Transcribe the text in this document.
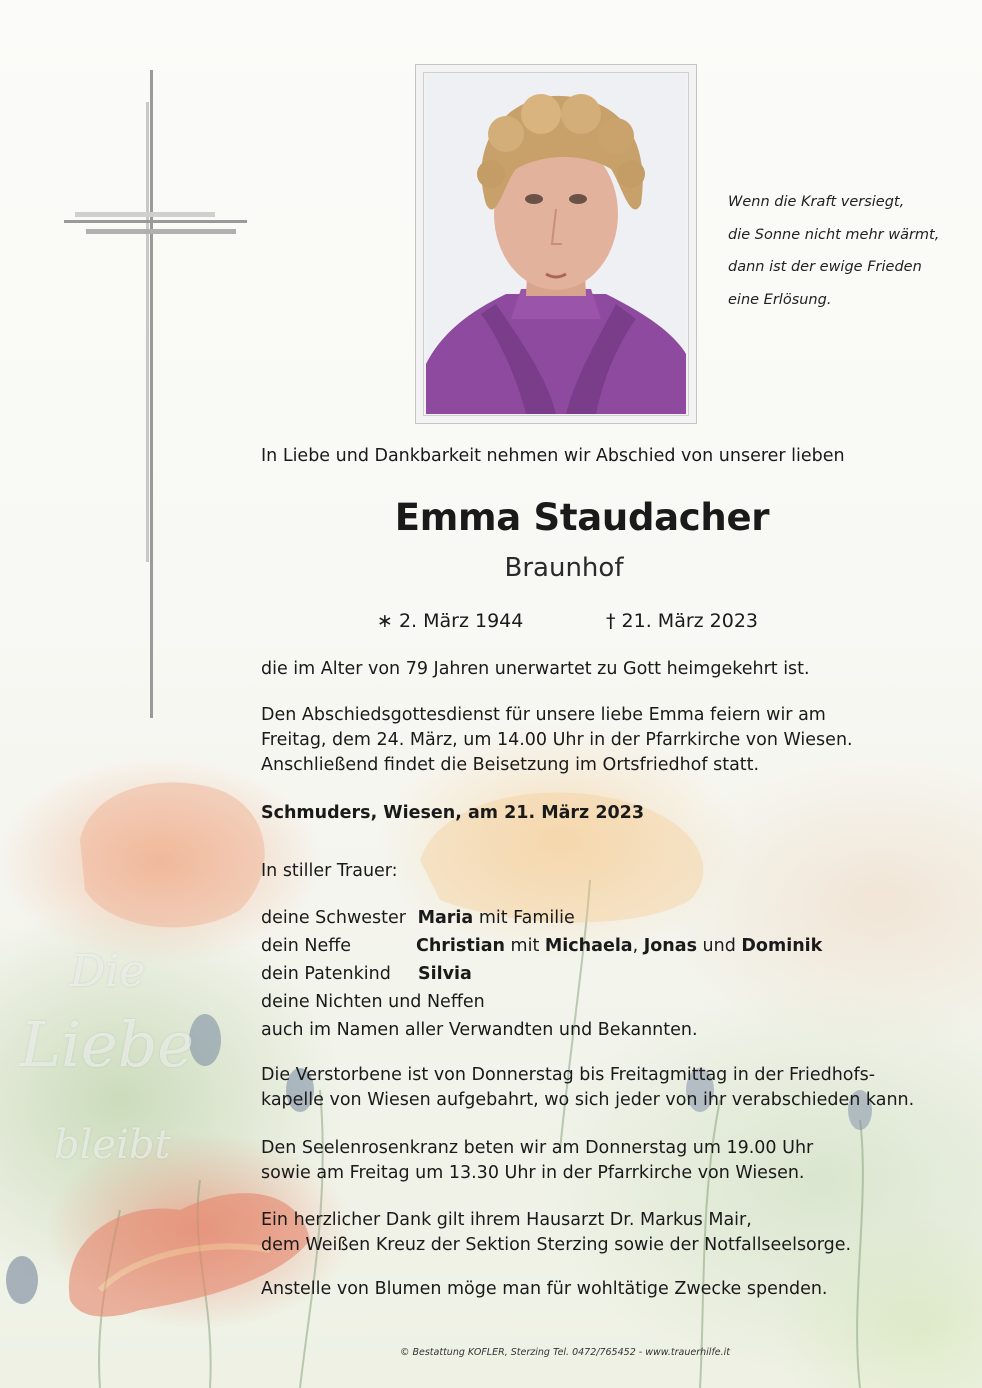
Die
Liebe
bleibt
Wenn die Kraft versiegt,
die Sonne nicht mehr wärmt,
dann ist der ewige Frieden
eine Erlösung.
In Liebe und Dankbarkeit nehmen wir Abschied von unserer lieben
Emma Staudacher
Braunhof
∗ 2. März 1944	† 21. März 2023
die im Alter von 79 Jahren unerwartet zu Gott heimgekehrt ist.
Den Abschiedsgottesdienst für unsere liebe Emma feiern wir am
Freitag, dem 24. März, um 14.00 Uhr in der Pfarrkirche von Wiesen.
Anschließend findet die Beisetzung im Ortsfriedhof statt.
Schmuders, Wiesen, am 21. März 2023
In stiller Trauer:
deine Schwester Maria mit Familie
dein Neffe	Christian mit Michaela, Jonas und Dominik
dein Patenkind Silvia
deine Nichten und Neffen
auch im Namen aller Verwandten und Bekannten.
Die Verstorbene ist von Donnerstag bis Freitagmittag in der Friedhofs-
kapelle von Wiesen aufgebahrt, wo sich jeder von ihr verabschieden kann.
Den Seelenrosenkranz beten wir am Donnerstag um 19.00 Uhr
sowie am Freitag um 13.30 Uhr in der Pfarrkirche von Wiesen.
Ein herzlicher Dank gilt ihrem Hausarzt Dr. Markus Mair,
dem Weißen Kreuz der Sektion Sterzing sowie der Notfallseelsorge.
Anstelle von Blumen möge man für wohltätige Zwecke spenden.
© Bestattung KOFLER, Sterzing Tel. 0472/765452 - www.trauerhilfe.it
